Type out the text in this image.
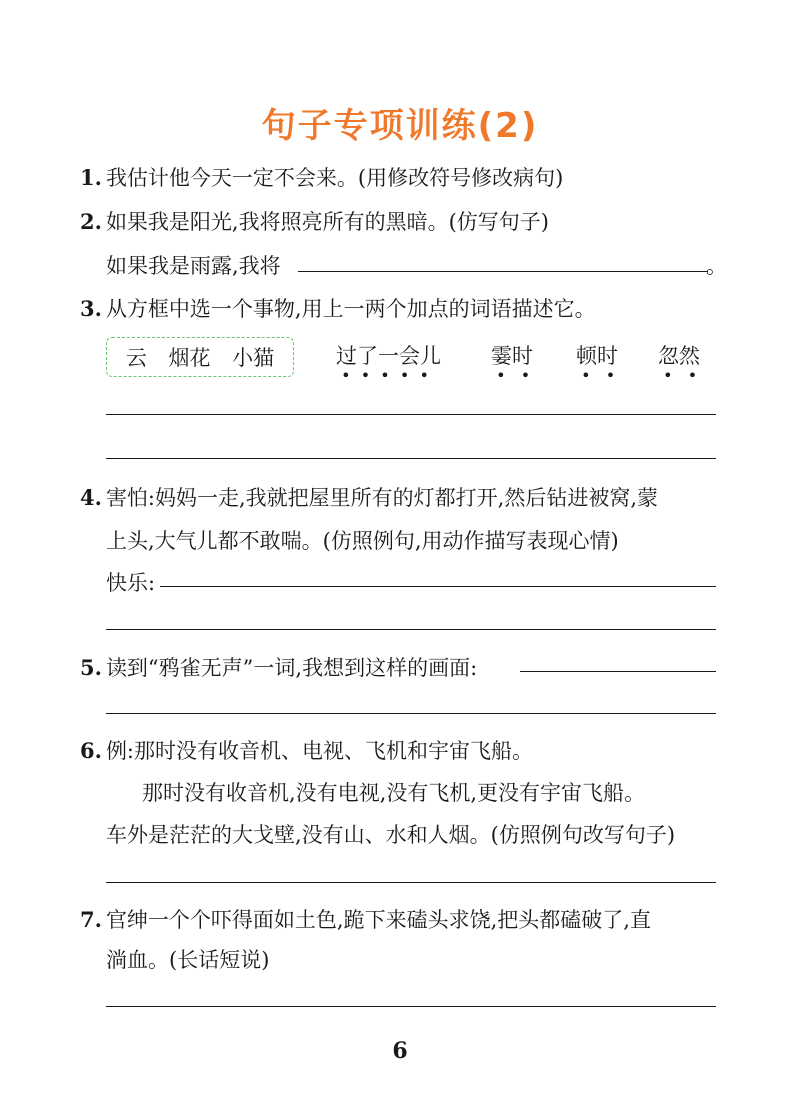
句子专项训练(2)
1. 我估计他今天一定不会来。(用修改符号修改病句)
2. 如果我是阳光,我将照亮所有的黑暗。(仿写句子)
如果我是雨露,我将	。
3. 从方框中选一个事物,用上一两个加点的词语描述它。
云 烟花 小猫	过了一会儿
•  •  •  •  •
霎时
•   •
顿时
•   •
忽然
•   •
4. 害怕:妈妈一走,我就把屋里所有的灯都打开,然后钻进被窝,蒙
上头,大气儿都不敢喘。(仿照例句,用动作描写表现心情)
快乐:
5. 读到“鸦雀无声”一词,我想到这样的画面:
6. 例:那时没有收音机、电视、飞机和宇宙飞船。
那时没有收音机,没有电视,没有飞机,更没有宇宙飞船。
车外是茫茫的大戈壁,没有山、水和人烟。(仿照例句改写句子)
7. 官绅一个个吓得面如土色,跪下来磕头求饶,把头都磕破了,直
淌血。(长话短说)
6
